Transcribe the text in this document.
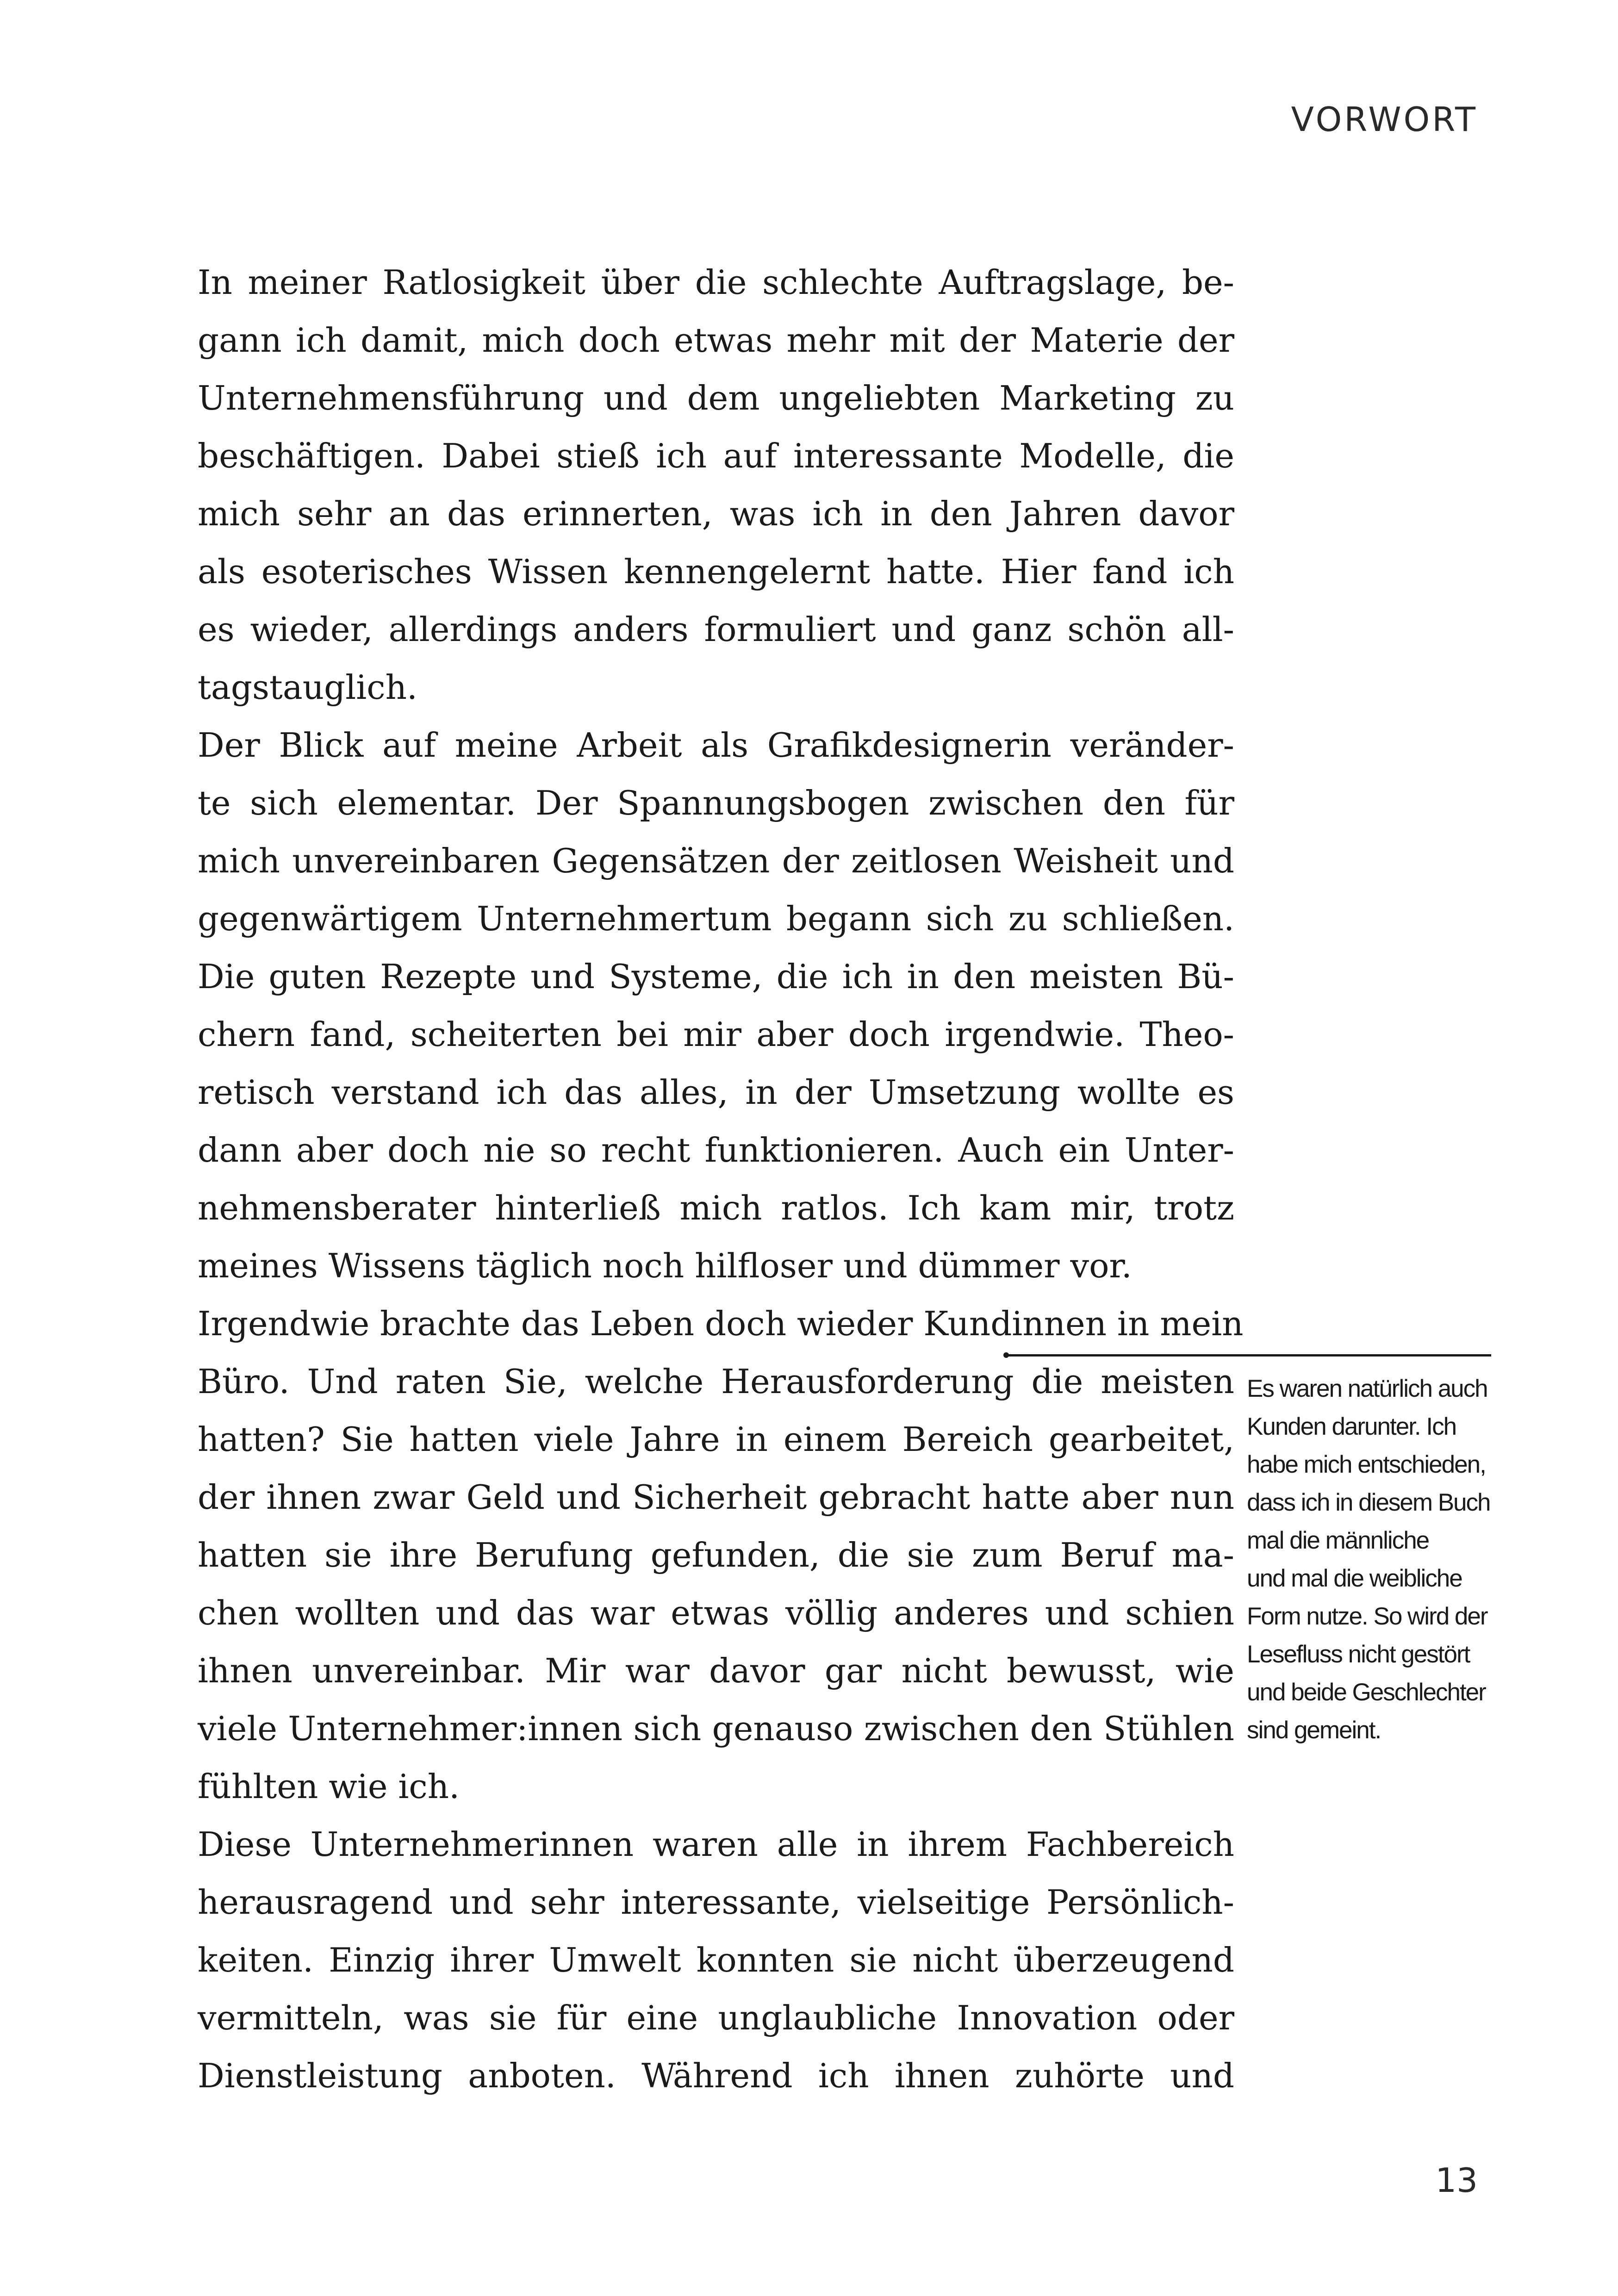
VORWORT
In meiner Ratlosigkeit über die schlechte Auftragslage, be-
gann ich damit, mich doch etwas mehr mit der Materie der
Unternehmensführung und dem ungeliebten Marketing zu
beschäftigen. Dabei stieß ich auf interessante Modelle, die
mich sehr an das erinnerten, was ich in den Jahren davor
als esoterisches Wissen kennengelernt hatte. Hier fand ich
es wieder, allerdings anders formuliert und ganz schön all-
tagstauglich.
Der Blick auf meine Arbeit als Grafikdesignerin veränder-
te sich elementar. Der Spannungsbogen zwischen den für
mich unvereinbaren Gegensätzen der zeitlosen Weisheit und
gegenwärtigem Unternehmertum begann sich zu schließen.
Die guten Rezepte und Systeme, die ich in den meisten Bü-
chern fand, scheiterten bei mir aber doch irgendwie. Theo-
retisch verstand ich das alles, in der Umsetzung wollte es
dann aber doch nie so recht funktionieren. Auch ein Unter-
nehmensberater hinterließ mich ratlos. Ich kam mir, trotz
meines Wissens täglich noch hilfloser und dümmer vor.
Irgendwie brachte das Leben doch wieder Kundinnen in mein
Büro. Und raten Sie, welche Herausforderung die meisten
hatten? Sie hatten viele Jahre in einem Bereich gearbeitet,
der ihnen zwar Geld und Sicherheit gebracht hatte aber nun
hatten sie ihre Berufung gefunden, die sie zum Beruf ma-
chen wollten und das war etwas völlig anderes und schien
ihnen unvereinbar. Mir war davor gar nicht bewusst, wie
viele Unternehmer:innen sich genauso zwischen den Stühlen
fühlten wie ich.
Diese Unternehmerinnen waren alle in ihrem Fachbereich
herausragend und sehr interessante, vielseitige Persönlich-
keiten. Einzig ihrer Umwelt konnten sie nicht überzeugend
vermitteln, was sie für eine unglaubliche Innovation oder
Dienstleistung anboten. Während ich ihnen zuhörte und
Es waren natürlich auch
Kunden darunter. Ich
habe mich entschieden,
dass ich in diesem Buch
mal die männliche
und mal die weibliche
Form nutze. So wird der
Lesefluss nicht gestört
und beide Geschlechter
sind gemeint.
13
